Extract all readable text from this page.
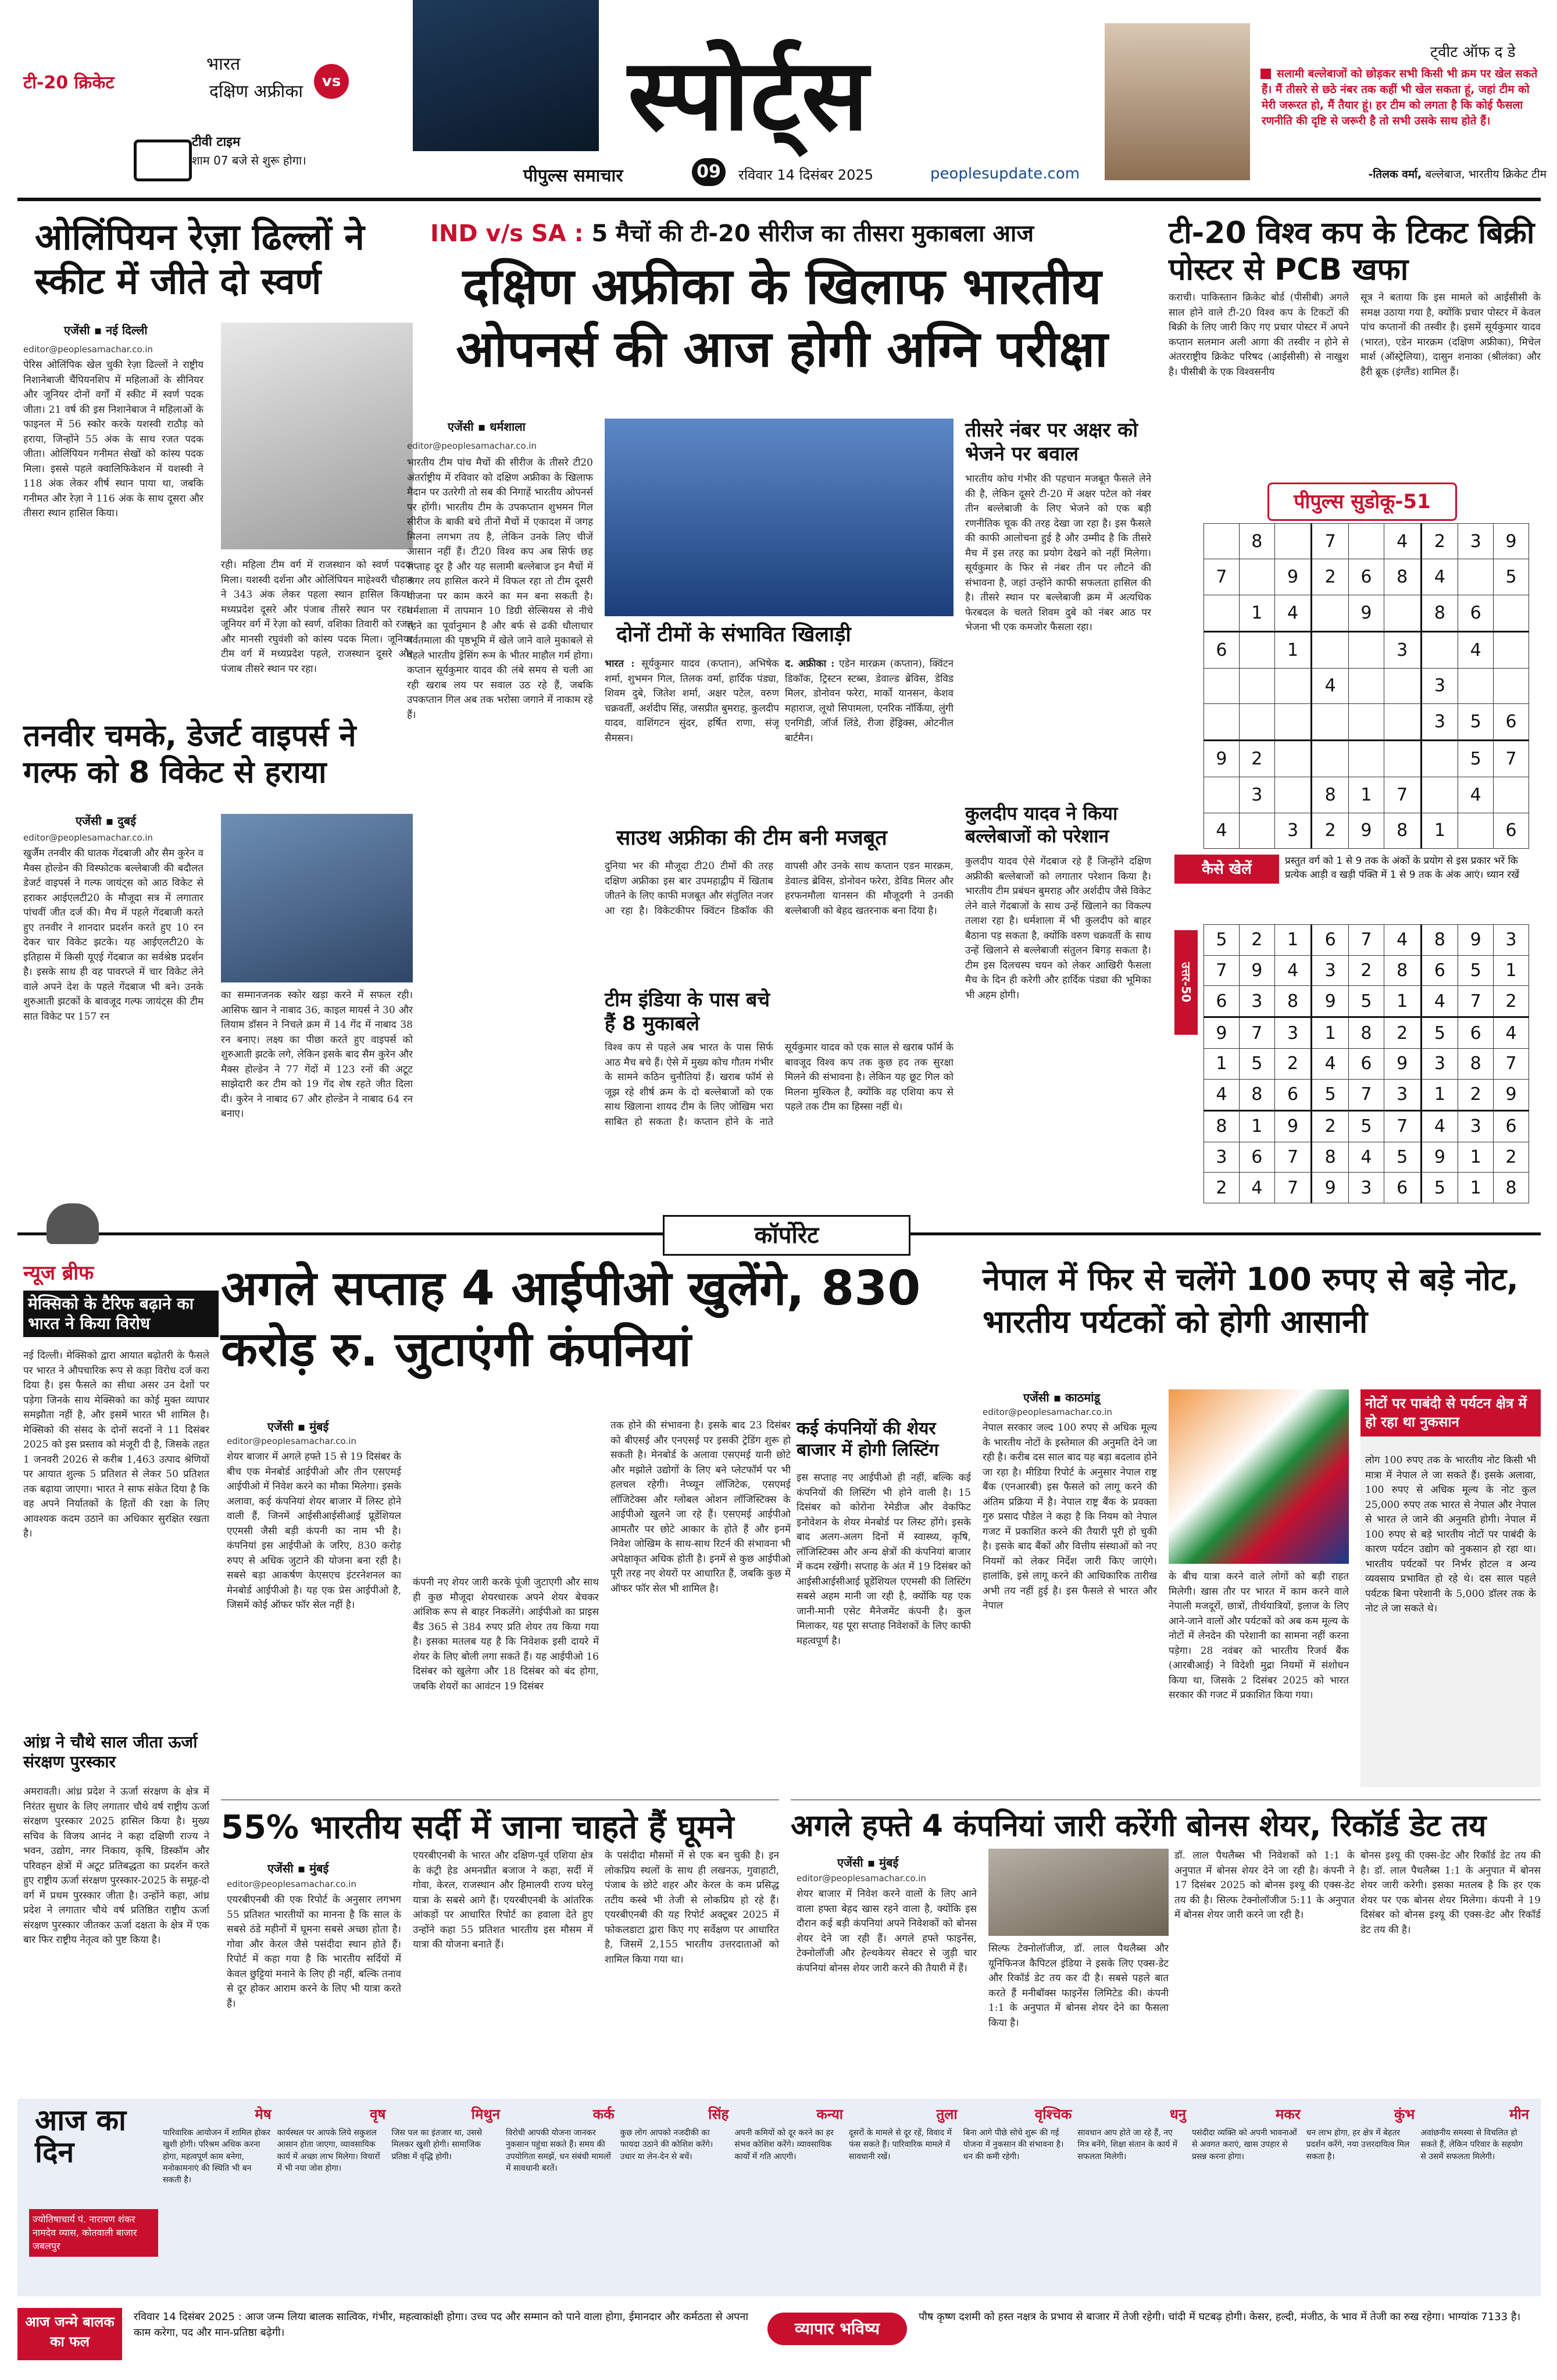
टी-20 क्रिकेट
भारत
दक्षिण अफ्रीका	vs
टीवी टाइम
शाम 07 बजे से शुरू होगा।
स्पोर्ट्स
पीपुल्स समाचार	09	रविवार 14 दिसंबर 2025	peoplesupdate.com
ट्वीट ऑफ द डे
सलामी बल्लेबाजों को छोड़कर सभी किसी भी क्रम पर खेल सकते हैं। मैं तीसरे से छठे नंबर तक कहीं भी खेल सकता हूं, जहां टीम को मेरी जरूरत हो, मैं तैयार हूं। हर टीम को लगता है कि कोई फैसला रणनीति की दृष्टि से जरूरी है तो सभी उसके साथ होते हैं।
-तिलक वर्मा, बल्लेबाज, भारतीय क्रिकेट टीम
ओलिंपियन रेज़ा ढिल्लों ने स्कीट में जीते दो स्वर्ण
एजेंसी ▪ नई दिल्ली
editor@peoplesamachar.co.in
पेरिस ओलिंपिक खेल चुकी रेज़ा ढिल्लों ने राष्ट्रीय निशानेबाजी चैंपियनशिप में महिलाओं के सीनियर और जूनियर दोनों वर्गों में स्कीट में स्वर्ण पदक जीता। 21 वर्ष की इस निशानेबाज ने महिलाओं के फाइनल में 56 स्कोर करके यशस्वी राठौड़ को हराया, जिन्होंने 55 अंक के साथ रजत पदक जीता। ओलिंपियन गनीमत सेखों को कांस्य पदक मिला। इससे पहले क्वालिफिकेशन में यशस्वी ने 118 अंक लेकर शीर्ष स्थान पाया था, जबकि गनीमत और रेज़ा ने 116 अंक के साथ दूसरा और तीसरा स्थान हासिल किया।
रही। महिला टीम वर्ग में राजस्थान को स्वर्ण पदक मिला। यशस्वी दर्शना और ओलिंपियन माहेश्वरी चौहान ने 343 अंक लेकर पहला स्थान हासिल किया। मध्यप्रदेश दूसरे और पंजाब तीसरे स्थान पर रहा। जूनियर वर्ग में रेज़ा को स्वर्ण, वशिका तिवारी को रजत और मानसी रघुवंशी को कांस्य पदक मिला। जूनियर टीम वर्ग में मध्यप्रदेश पहले, राजस्थान दूसरे और पंजाब तीसरे स्थान पर रहा।
तनवीर चमके, डेजर्ट वाइपर्स ने गल्फ को 8 विकेट से हराया
एजेंसी ▪ दुबई
editor@peoplesamachar.co.in
खुर्जैम तनवीर की घातक गेंदबाजी और सैम कुरेन व मैक्स होल्डेन की विस्फोटक बल्लेबाजी की बदौलत डेजर्ट वाइपर्स ने गल्फ जायंट्स को आठ विकेट से हराकर आईएलटी20 के मौजूदा सत्र में लगातार पांचवीं जीत दर्ज की। मैच में पहले गेंदबाजी करते हुए तनवीर ने शानदार प्रदर्शन करते हुए 10 रन देकर चार विकेट झटके। यह आईएलटी20 के इतिहास में किसी यूएई गेंदबाज का सर्वश्रेष्ठ प्रदर्शन है। इसके साथ ही वह पावरप्ले में चार विकेट लेने वाले अपने देश के पहले गेंदबाज भी बने। उनके शुरुआती झटकों के बावजूद गल्फ जायंट्स की टीम सात विकेट पर 157 रन
का सम्मानजनक स्कोर खड़ा करने में सफल रही। आसिफ खान ने नाबाद 36, काइल मायर्स ने 30 और लियाम डॉसन ने निचले क्रम में 14 गेंद में नाबाद 38 रन बनाए। लक्ष्य का पीछा करते हुए वाइपर्स को शुरुआती झटके लगे, लेकिन इसके बाद सैम कुरेन और मैक्स होल्डेन ने 77 गेंदों में 123 रनों की अटूट साझेदारी कर टीम को 19 गेंद शेष रहते जीत दिला दी। कुरेन ने नाबाद 67 और होल्डेन ने नाबाद 64 रन बनाए।
IND v/s SA : 5 मैचों की टी-20 सीरीज का तीसरा मुकाबला आज
दक्षिण अफ्रीका के खिलाफ भारतीय ओपनर्स की आज होगी अग्नि परीक्षा
एजेंसी ▪ धर्मशाला
editor@peoplesamachar.co.in
भारतीय टीम पांच मैचों की सीरीज के तीसरे टी20 अंतर्राष्ट्रीय में रविवार को दक्षिण अफ्रीका के खिलाफ मैदान पर उतरेगी तो सब की निगाहें भारतीय ओपनर्स पर होंगी। भारतीय टीम के उपकप्तान शुभमन गिल सीरीज के बाकी बचे तीनों मैचों में एकादश में जगह मिलना लगभग तय है, लेकिन उनके लिए चीजें आसान नहीं हैं। टी20 विश्व कप अब सिर्फ छह सप्ताह दूर है और यह सलामी बल्लेबाज इन मैचों में अगर लय हासिल करने में विफल रहा तो टीम दूसरी योजना पर काम करने का मन बना सकती है। धर्मशाला में तापमान 10 डिग्री सेल्सियस से नीचे रहने का पूर्वानुमान है और बर्फ से ढकी धौलाधार पर्वतमाला की पृष्ठभूमि में खेले जाने वाले मुकाबले से पहले भारतीय ड्रेसिंग रूम के भीतर माहौल गर्म होगा। कप्तान सूर्यकुमार यादव की लंबे समय से चली आ रही खराब लय पर सवाल उठ रहे हैं, जबकि उपकप्तान गिल अब तक भरोसा जगाने में नाकाम रहे हैं।
दोनों टीमों के संभावित खिलाड़ी
भारत : सूर्यकुमार यादव (कप्तान), अभिषेक शर्मा, शुभमन गिल, तिलक वर्मा, हार्दिक पंड्या, शिवम दुबे, जितेश शर्मा, अक्षर पटेल, वरुण चक्रवर्ती, अर्शदीप सिंह, जसप्रीत बुमराह, कुलदीप यादव, वाशिंगटन सुंदर, हर्षित राणा, संजू सैमसन।
द. अफ्रीका : एडेन मारक्रम (कप्तान), क्विंटन डिकॉक, ट्रिस्टन स्टब्स, डेवाल्ड ब्रेविस, डेविड मिलर, डोनोवन फरेरा, मार्को यानसन, केशव महाराज, लूथो सिपामला, एनरिक नॉर्किया, लुंगी एनगिडी, जॉर्ज लिंडे, रीजा हेंड्रिक्स, ओटनील बार्टमैन।
साउथ अफ्रीका की टीम बनी मजबूत
दुनिया भर की मौजूदा टी20 टीमों की तरह दक्षिण अफ्रीका इस बार उपमहाद्वीप में खिताब जीतने के लिए काफी मजबूत और संतुलित नजर आ रहा है। विकेटकीपर क्विंटन डिकॉक की वापसी और उनके साथ कप्तान एडन मारक्रम, डेवाल्ड ब्रेविस, डोनोवन फरेरा, डेविड मिलर और हरफनमौला यानसन की मौजूदगी ने उनकी बल्लेबाजी को बेहद खतरनाक बना दिया है।
टीम इंडिया के पास बचे हैं 8 मुकाबले
विश्व कप से पहले अब भारत के पास सिर्फ आठ मैच बचे हैं। ऐसे में मुख्य कोच गौतम गंभीर के सामने कठिन चुनौतियां हैं। खराब फॉर्म से जूझ रहे शीर्ष क्रम के दो बल्लेबाजों को एक साथ खिलाना शायद टीम के लिए जोखिम भरा साबित हो सकता है। कप्तान होने के नाते सूर्यकुमार यादव को एक साल से खराब फॉर्म के बावजूद विश्व कप तक कुछ हद तक सुरक्षा मिलने की संभावना है। लेकिन यह छूट गिल को मिलना मुश्किल है, क्योंकि वह एशिया कप से पहले तक टीम का हिस्सा नहीं थे।
तीसरे नंबर पर अक्षर को भेजने पर बवाल
भारतीय कोच गंभीर की पहचान मजबूत फैसले लेने की है, लेकिन दूसरे टी-20 में अक्षर पटेल को नंबर तीन बल्लेबाजी के लिए भेजने को एक बड़ी रणनीतिक चूक की तरह देखा जा रहा है। इस फैसले की काफी आलोचना हुई है और उम्मीद है कि तीसरे मैच में इस तरह का प्रयोग देखने को नहीं मिलेगा। सूर्यकुमार के फिर से नंबर तीन पर लौटने की संभावना है, जहां उन्होंने काफी सफलता हासिल की है। तीसरे स्थान पर बल्लेबाजी क्रम में अत्यधिक फेरबदल के चलते शिवम दुबे को नंबर आठ पर भेजना भी एक कमजोर फैसला रहा।
कुलदीप यादव ने किया बल्लेबाजों को परेशान
कुलदीप यादव ऐसे गेंदबाज रहे हैं जिन्होंने दक्षिण अफ्रीकी बल्लेबाजों को लगातार परेशान किया है। भारतीय टीम प्रबंधन बुमराह और अर्शदीप जैसे विकेट लेने वाले गेंदबाजों के साथ उन्हें खिलाने का विकल्प तलाश रहा है। धर्मशाला में भी कुलदीप को बाहर बैठाना पड़ सकता है, क्योंकि वरुण चक्रवर्ती के साथ उन्हें खिलाने से बल्लेबाजी संतुलन बिगड़ सकता है। टीम इस दिलचस्प चयन को लेकर आखिरी फैसला मैच के दिन ही करेगी और हार्दिक पंड्या की भूमिका भी अहम होगी।
टी-20 विश्व कप के टिकट बिक्री पोस्टर से PCB खफा
कराची। पाकिस्तान क्रिकेट बोर्ड (पीसीबी) अगले साल होने वाले टी-20 विश्व कप के टिकटों की बिक्री के लिए जारी किए गए प्रचार पोस्टर में अपने कप्तान सलमान अली आगा की तस्वीर न होने से अंतरराष्ट्रीय क्रिकेट परिषद (आईसीसी) से नाखुश है। पीसीबी के एक विश्वसनीय
सूत्र ने बताया कि इस मामले को आईसीसी के समक्ष उठाया गया है, क्योंकि प्रचार पोस्टर में केवल पांच कप्तानों की तस्वीर है। इसमें सूर्यकुमार यादव (भारत), एडेन मारक्रम (दक्षिण अफ्रीका), मिचेल मार्श (ऑस्ट्रेलिया), दासुन शनाका (श्रीलंका) और हैरी ब्रूक (इंग्लैंड) शामिल हैं।
पीपुल्स सुडोकू-51
	8		7		4	2	3	9
7		9	2	6	8	4		5
	1	4		9		8	6	
6		1			3		4	
			4			3		
						3	5	6
9	2						5	7
	3		8	1	7		4	
4		3	2	9	8	1		6
कैसे खेलें	प्रस्तुत वर्ग को 1 से 9 तक के अंकों के प्रयोग से इस प्रकार भरें कि प्रत्येक आड़ी व खड़ी पंक्ति में 1 से 9 तक के अंक आएं। ध्यान रखें
उत्तर-50
5	2	1	6	7	4	8	9	3
7	9	4	3	2	8	6	5	1
6	3	8	9	5	1	4	7	2
9	7	3	1	8	2	5	6	4
1	5	2	4	6	9	3	8	7
4	8	6	5	7	3	1	2	9
8	1	9	2	5	7	4	3	6
3	6	7	8	4	5	9	1	2
2	4	7	9	3	6	5	1	8
कॉर्पोरेट
न्यूज ब्रीफ
मेक्सिको के टैरिफ बढ़ाने का भारत ने किया विरोध
नई दिल्ली। मेक्सिको द्वारा आयात बढ़ोतरी के फैसले पर भारत ने औपचारिक रूप से कड़ा विरोध दर्ज करा दिया है। इस फैसले का सीधा असर उन देशों पर पड़ेगा जिनके साथ मेक्सिको का कोई मुक्त व्यापार समझौता नहीं है, और इसमें भारत भी शामिल है। मेक्सिको की संसद के दोनों सदनों ने 11 दिसंबर 2025 को इस प्रस्ताव को मंजूरी दी है, जिसके तहत 1 जनवरी 2026 से करीब 1,463 उत्पाद श्रेणियों पर आयात शुल्क 5 प्रतिशत से लेकर 50 प्रतिशत तक बढ़ाया जाएगा। भारत ने साफ संकेत दिया है कि वह अपने निर्यातकों के हितों की रक्षा के लिए आवश्यक कदम उठाने का अधिकार सुरक्षित रखता है।
आंध्र ने चौथे साल जीता ऊर्जा संरक्षण पुरस्कार
अमरावती। आंध्र प्रदेश ने ऊर्जा संरक्षण के क्षेत्र में निरंतर सुधार के लिए लगातार चौथे वर्ष राष्ट्रीय ऊर्जा संरक्षण पुरस्कार 2025 हासिल किया है। मुख्य सचिव के विजय आनंद ने कहा दक्षिणी राज्य ने भवन, उद्योग, नगर निकाय, कृषि, डिस्कॉम और परिवहन क्षेत्रों में अटूट प्रतिबद्धता का प्रदर्शन करते हुए राष्ट्रीय ऊर्जा संरक्षण पुरस्कार-2025 के समूह-दो वर्ग में प्रथम पुरस्कार जीता है। उन्होंने कहा, आंध्र प्रदेश ने लगातार चौथे वर्ष प्रतिष्ठित राष्ट्रीय ऊर्जा संरक्षण पुरस्कार जीतकर ऊर्जा दक्षता के क्षेत्र में एक बार फिर राष्ट्रीय नेतृत्व को पुष्ट किया है।
अगले सप्ताह 4 आईपीओ खुलेंगे, 830 करोड़ रु. जुटाएंगी कंपनियां
एजेंसी ▪ मुंबई
editor@peoplesamachar.co.in
शेयर बाजार में अगले हफ्ते 15 से 19 दिसंबर के बीच एक मेनबोर्ड आईपीओ और तीन एसएमई आईपीओ में निवेश करने का मौका मिलेगा। इसके अलावा, कई कंपनियां शेयर बाजार में लिस्ट होने वाली हैं, जिनमें आईसीआईसीआई प्रूडेंशियल एएमसी जैसी बड़ी कंपनी का नाम भी है। कंपनियां इस आईपीओ के जरिए, 830 करोड़ रुपए से अधिक जुटाने की योजना बना रही है। सबसे बड़ा आकर्षण केएसएच इंटरनेशनल का मेनबोर्ड आईपीओ है। यह एक प्रेस आईपीओ है, जिसमें कोई ऑफर फॉर सेल नहीं है।
कंपनी नए शेयर जारी करके पूंजी जुटाएगी और साथ ही कुछ मौजूदा शेयरधारक अपने शेयर बेचकर आंशिक रूप से बाहर निकलेंगे। आईपीओ का प्राइस बैंड 365 से 384 रुपए प्रति शेयर तय किया गया है। इसका मतलब यह है कि निवेशक इसी दायरे में शेयर के लिए बोली लगा सकते हैं। यह आईपीओ 16 दिसंबर को खुलेगा और 18 दिसंबर को बंद होगा, जबकि शेयरों का आवंटन 19 दिसंबर
तक होने की संभावना है। इसके बाद 23 दिसंबर को बीएसई और एनएसई पर इसकी ट्रेडिंग शुरू हो सकती है। मेनबोर्ड के अलावा एसएमई यानी छोटे और मझोले उद्योगों के लिए बने प्लेटफॉर्म पर भी हलचल रहेगी। नेप्च्यून लॉजिटेक, एसएमई लॉजिटेक्स और ग्लोबल ओशन लॉजिस्टिक्स के आईपीओ खुलने जा रहे हैं। एसएमई आईपीओ आमतौर पर छोटे आकार के होते हैं और इनमें निवेश जोखिम के साथ-साथ रिटर्न की संभावना भी अपेक्षाकृत अधिक होती है। इनमें से कुछ आईपीओ पूरी तरह नए शेयरों पर आधारित हैं, जबकि कुछ में ऑफर फॉर सेल भी शामिल है।
कई कंपनियों की शेयर बाजार में होगी लिस्टिंग
इस सप्ताह नए आईपीओ ही नहीं, बल्कि कई कंपनियों की लिस्टिंग भी होने वाली है। 15 दिसंबर को कोरोना रेमेडीज और वेकफिट इनोवेशन के शेयर मेनबोर्ड पर लिस्ट होंगे। इसके बाद अलग-अलग दिनों में स्वास्थ्य, कृषि, लॉजिस्टिक्स और अन्य क्षेत्रों की कंपनियां बाजार में कदम रखेंगी। सप्ताह के अंत में 19 दिसंबर को आईसीआईसीआई प्रूडेंशियल एएमसी की लिस्टिंग सबसे अहम मानी जा रही है, क्योंकि यह एक जानी-मानी एसेट मैनेजमेंट कंपनी है। कुल मिलाकर, यह पूरा सप्ताह निवेशकों के लिए काफी महत्वपूर्ण है।
55% भारतीय सर्दी में जाना चाहते हैं घूमने
एजेंसी ▪ मुंबई
editor@peoplesamachar.co.in
एयरबीएनबी की एक रिपोर्ट के अनुसार लगभग 55 प्रतिशत भारतीयों का मानना है कि साल के सबसे ठंडे महीनों में घूमना सबसे अच्छा होता है। गोवा और केरल जैसे पसंदीदा स्थान होते हैं। रिपोर्ट में कहा गया है कि भारतीय सर्दियों में केवल छुट्टियां मनाने के लिए ही नहीं, बल्कि तनाव से दूर होकर आराम करने के लिए भी यात्रा करते हैं।
एयरबीएनबी के भारत और दक्षिण-पूर्व एशिया क्षेत्र के कंट्री हेड अमनप्रीत बजाज ने कहा, सर्दी में गोवा, केरल, राजस्थान और हिमालयी राज्य घरेलू यात्रा के सबसे आगे हैं। एयरबीएनबी के आंतरिक आंकड़ों पर आधारित रिपोर्ट का हवाला देते हुए उन्होंने कहा 55 प्रतिशत भारतीय इस मौसम में यात्रा की योजना बनाते हैं।
के पसंदीदा मौसमों में से एक बन चुकी है। इन लोकप्रिय स्थलों के साथ ही लखनऊ, गुवाहाटी, पंजाब के छोटे शहर और केरल के कम प्रसिद्ध तटीय कस्बे भी तेजी से लोकप्रिय हो रहे हैं। एयरबीएनबी की यह रिपोर्ट अक्टूबर 2025 में फोकलडाटा द्वारा किए गए सर्वेक्षण पर आधारित है, जिसमें 2,155 भारतीय उत्तरदाताओं को शामिल किया गया था।
नेपाल में फिर से चलेंगे 100 रुपए से बड़े नोट, भारतीय पर्यटकों को होगी आसानी
एजेंसी ▪ काठमांडू
editor@peoplesamachar.co.in
नेपाल सरकार जल्द 100 रुपए से अधिक मूल्य के भारतीय नोटों के इस्तेमाल की अनुमति देने जा रही है। करीब दस साल बाद यह बड़ा बदलाव होने जा रहा है। मीडिया रिपोर्ट के अनुसार नेपाल राष्ट्र बैंक (एनआरबी) इस फैसले को लागू करने की अंतिम प्रक्रिया में है। नेपाल राष्ट्र बैंक के प्रवक्ता गुरु प्रसाद पौडेल ने कहा है कि नियम को नेपाल गजट में प्रकाशित करने की तैयारी पूरी हो चुकी है। इसके बाद बैंकों और वित्तीय संस्थाओं को नए नियमों को लेकर निर्देश जारी किए जाएंगे। हालांकि, इसे लागू करने की आधिकारिक तारीख अभी तय नहीं हुई है। इस फैसले से भारत और नेपाल
के बीच यात्रा करने वाले लोगों को बड़ी राहत मिलेगी। खास तौर पर भारत में काम करने वाले नेपाली मजदूरों, छात्रों, तीर्थयात्रियों, इलाज के लिए आने-जाने वालों और पर्यटकों को अब कम मूल्य के नोटों में लेनदेन की परेशानी का सामना नहीं करना पड़ेगा। 28 नवंबर को भारतीय रिजर्व बैंक (आरबीआई) ने विदेशी मुद्रा नियमों में संशोधन किया था, जिसके 2 दिसंबर 2025 को भारत सरकार की गजट में प्रकाशित किया गया।
नोटों पर पाबंदी से पर्यटन क्षेत्र में हो रहा था नुकसान
लोग 100 रुपए तक के भारतीय नोट किसी भी मात्रा में नेपाल ले जा सकते हैं। इसके अलावा, 100 रुपए से अधिक मूल्य के नोट कुल 25,000 रुपए तक भारत से नेपाल और नेपाल से भारत ले जाने की अनुमति होगी। नेपाल में 100 रुपए से बड़े भारतीय नोटों पर पाबंदी के कारण पर्यटन उद्योग को नुकसान हो रहा था। भारतीय पर्यटकों पर निर्भर होटल व अन्य व्यवसाय प्रभावित हो रहे थे। दस साल पहले पर्यटक बिना परेशानी के 5,000 डॉलर तक के नोट ले जा सकते थे।
अगले हफ्ते 4 कंपनियां जारी करेंगी बोनस शेयर, रिकॉर्ड डेट तय
एजेंसी ▪ मुंबई
editor@peoplesamachar.co.in
शेयर बाजार में निवेश करने वालों के लिए आने वाला हफ्ता बेहद खास रहने वाला है, क्योंकि इस दौरान कई बड़ी कंपनियां अपने निवेशकों को बोनस शेयर देने जा रही हैं। अगले हफ्ते फाइनेंस, टेक्नोलॉजी और हेल्थकेयर सेक्टर से जुड़ी चार कंपनियां बोनस शेयर जारी करने की तैयारी में हैं।
सिल्फ टेक्नोलॉजीज, डॉ. लाल पैथलैब्स और यूनिफिनज कैपिटल इंडिया ने इसके लिए एक्स-डेट और रिकॉर्ड डेट तय कर दी है। सबसे पहले बात करते हैं मनीबॉक्स फाइनेंस लिमिटेड की। कंपनी 1:1 के अनुपात में बोनस शेयर देने का फैसला किया है।
डॉ. लाल पैथलैब्स भी निवेशकों को 1:1 के अनुपात में बोनस शेयर देने जा रही है। कंपनी ने 17 दिसंबर 2025 को बोनस इश्यू की एक्स-डेट तय की है। सिल्फ टेक्नोलॉजीज 5:11 के अनुपात में बोनस शेयर जारी करने जा रही है।
बोनस इश्यू की एक्स-डेट और रिकॉर्ड डेट तय की है। डॉ. लाल पैथलैब्स 1:1 के अनुपात में बोनस शेयर जारी करेगी। इसका मतलब है कि हर एक शेयर पर एक बोनस शेयर मिलेगा। कंपनी ने 19 दिसंबर को बोनस इश्यू की एक्स-डेट और रिकॉर्ड डेट तय की है।
आज का दिन
ज्योतिषाचार्य पं. नारायण शंकर नामदेव व्यास, कोतवाली बाजार जबलपुर
मेष
पारिवारिक आयोजन में शामिल होकर खुशी होगी। परिश्रम अधिक करना होगा, महत्वपूर्ण काम बनेगा, मनोकामनाएं की स्थिति भी बन सकती है।
वृष
कार्यस्थल पर आपके लिये सकुशल आसान होता जाएगा, व्यावसायिक कार्य में अच्छा लाभ मिलेगा। विचारों में भी नया जोश होगा।
मिथुन
जिस पल का इंतजार था, उससे मिलकर खुशी होगी। सामाजिक प्रतिष्ठा में वृद्धि होगी।
कर्क
विरोधी आपकी योजना जानकर नुकसान पहुंचा सकते हैं। समय की उपयोगिता समझें, धन संबंधी मामलों में सावधानी बरतें।
सिंह
कुछ लोग आपको नजदीकी का फायदा उठाने की कोशिश करेंगे। उधार या लेन-देन से बचें।
कन्या
अपनी कमियों को दूर करने का हर संभव कोशिश करेंगे। व्यावसायिक कार्यों में गति आएगी।
तुला
दूसरों के मामले से दूर रहें, विवाद में फंस सकते हैं। पारिवारिक मामले में सावधानी रखें।
वृश्चिक
बिना आगे पीछे सोचे शुरू की गई योजना में नुकसान की संभावना है। धन की कमी रहेगी।
धनु
सावधान आप होते जा रहे हैं, नए मित्र बनेंगे, शिक्षा संतान के कार्य में सफलता मिलेगी।
मकर
पसंदीदा व्यक्ति को अपनी भावनाओं से अवगत कराएं, खास उपहार से प्रसन्न करना होगा।
कुंभ
धन लाभ होगा, हर क्षेत्र में बेहतर प्रदर्शन करेंगे, नया उत्तरदायित्व मिल सकता है।
मीन
अवांछनीय समस्या से विचलित हो सकते हैं, लेकिन परिवार के सहयोग से उसमें सफलता मिलेगी।
आज जन्मे बालक का फल
रविवार 14 दिसंबर 2025 : आज जन्म लिया बालक सात्विक, गंभीर, महत्वाकांक्षी होगा। उच्च पद और सम्मान को पाने वाला होगा, ईमानदार और कर्मठता से अपना काम करेगा, पद और मान-प्रतिष्ठा बढ़ेगी।	व्यापार भविष्य
पौष कृष्ण दशमी को हस्त नक्षत्र के प्रभाव से बाजार में तेजी रहेगी। चांदी में घटबढ़ होगी। केसर, हल्दी, मंजीठ, के भाव में तेजी का रुख रहेगा। भाग्यांक 7133 है।
